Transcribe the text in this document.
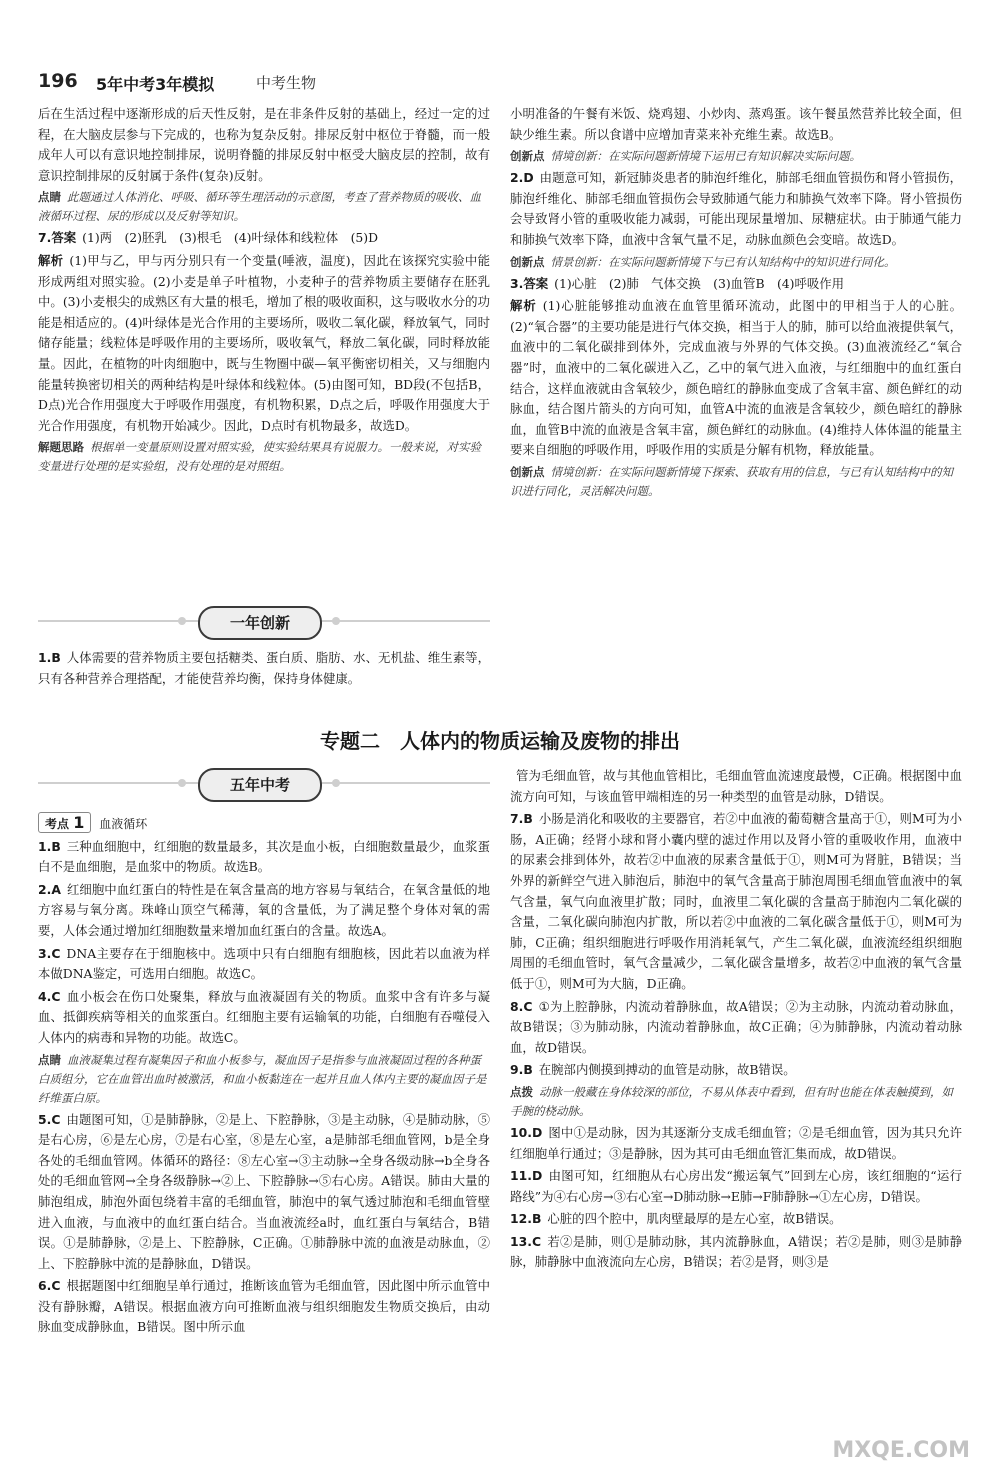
196 5年中考3年模拟	中考生物

后在生活过程中逐渐形成的后天性反射，是在非条件反射的基础上，经过一定的过程，在大脑皮层参与下完成的，也称为复杂反射。排尿反射中枢位于脊髓，而一般成年人可以有意识地控制排尿，说明脊髓的排尿反射中枢受大脑皮层的控制，故有意识控制排尿的反射属于条件(复杂)反射。

点睛 此题通过人体消化、呼吸、循环等生理活动的示意图，考查了营养物质的吸收、血液循环过程、尿的形成以及反射等知识。

7.答案 (1)两　(2)胚乳　(3)根毛　(4)叶绿体和线粒体　(5)D

解析 (1)甲与乙，甲与丙分别只有一个变量(唾液，温度)，因此在该探究实验中能形成两组对照实验。(2)小麦是单子叶植物，小麦种子的营养物质主要储存在胚乳中。(3)小麦根尖的成熟区有大量的根毛，增加了根的吸收面积，这与吸收水分的功能是相适应的。(4)叶绿体是光合作用的主要场所，吸收二氧化碳，释放氧气，同时储存能量；线粒体是呼吸作用的主要场所，吸收氧气，释放二氧化碳，同时释放能量。因此，在植物的叶肉细胞中，既与生物圈中碳—氧平衡密切相关，又与细胞内能量转换密切相关的两种结构是叶绿体和线粒体。(5)由图可知，BD段(不包括B，D点)光合作用强度大于呼吸作用强度，有机物积累，D点之后，呼吸作用强度大于光合作用强度，有机物开始减少。因此，D点时有机物最多，故选D。

解题思路 根据单一变量原则设置对照实验，使实验结果具有说服力。一般来说，对实验变量进行处理的是实验组，没有处理的是对照组。

一年创新

1.B 人体需要的营养物质主要包括糖类、蛋白质、脂肪、水、无机盐、维生素等，只有各种营养合理搭配，才能使营养均衡，保持身体健康。

小明准备的午餐有米饭、烧鸡翅、小炒肉、蒸鸡蛋。该午餐虽然营养比较全面，但缺少维生素。所以食谱中应增加青菜来补充维生素。故选B。

创新点 情境创新：在实际问题新情境下运用已有知识解决实际问题。

2.D 由题意可知，新冠肺炎患者的肺泡纤维化，肺部毛细血管损伤和肾小管损伤，肺泡纤维化、肺部毛细血管损伤会导致肺通气能力和肺换气效率下降。肾小管损伤会导致肾小管的重吸收能力减弱，可能出现尿量增加、尿糖症状。由于肺通气能力和肺换气效率下降，血液中含氧气量不足，动脉血颜色会变暗。故选D。

创新点 情景创新：在实际问题新情境下与已有认知结构中的知识进行同化。

3.答案 (1)心脏　(2)肺　气体交换　(3)血管B　(4)呼吸作用

解析 (1)心脏能够推动血液在血管里循环流动，此图中的甲相当于人的心脏。(2)“氧合器”的主要功能是进行气体交换，相当于人的肺，肺可以给血液提供氧气，血液中的二氧化碳排到体外，完成血液与外界的气体交换。(3)血液流经乙“氧合器”时，血液中的二氧化碳进入乙，乙中的氧气进入血液，与红细胞中的血红蛋白结合，这样血液就由含氧较少，颜色暗红的静脉血变成了含氧丰富、颜色鲜红的动脉血，结合图片箭头的方向可知，血管A中流的血液是含氧较少，颜色暗红的静脉血，血管B中流的血液是含氧丰富，颜色鲜红的动脉血。(4)维持人体体温的能量主要来自细胞的呼吸作用，呼吸作用的实质是分解有机物，释放能量。

创新点 情境创新：在实际问题新情境下探索、获取有用的信息，与已有认知结构中的知识进行同化，灵活解决问题。

专题二　人体内的物质运输及废物的排出
五年中考
考点 1 血液循环

1.B 三种血细胞中，红细胞的数量最多，其次是血小板，白细胞数量最少，血浆蛋白不是血细胞，是血浆中的物质。故选B。

2.A 红细胞中血红蛋白的特性是在氧含量高的地方容易与氧结合，在氧含量低的地方容易与氧分离。珠峰山顶空气稀薄，氧的含量低，为了满足整个身体对氧的需要，人体会通过增加红细胞数量来增加血红蛋白的含量。故选A。

3.C DNA主要存在于细胞核中。选项中只有白细胞有细胞核，因此若以血液为样本做DNA鉴定，可选用白细胞。故选C。

4.C 血小板会在伤口处聚集，释放与血液凝固有关的物质。血浆中含有许多与凝血、抵御疾病等相关的血浆蛋白。红细胞主要有运输氧的功能，白细胞有吞噬侵入人体内的病毒和异物的功能。故选C。

点睛 血液凝集过程有凝集因子和血小板参与，凝血因子是指参与血液凝固过程的各种蛋白质组分，它在血管出血时被激活，和血小板黏连在一起并且血人体内主要的凝血因子是纤维蛋白原。

5.C 由题图可知，①是肺静脉，②是上、下腔静脉，③是主动脉，④是肺动脉，⑤是右心房，⑥是左心房，⑦是右心室，⑧是左心室，a是肺部毛细血管网，b是全身各处的毛细血管网。体循环的路径：⑧左心室→③主动脉→全身各级动脉→b全身各处的毛细血管网→全身各级静脉→②上、下腔静脉→⑤右心房。A错误。肺由大量的肺泡组成，肺泡外面包绕着丰富的毛细血管，肺泡中的氧气透过肺泡和毛细血管壁进入血液，与血液中的血红蛋白结合。当血液流经a时，血红蛋白与氧结合，B错误。①是肺静脉，②是上、下腔静脉，C正确。①肺静脉中流的血液是动脉血，②上、下腔静脉中流的是静脉血，D错误。

6.C 根据题图中红细胞呈单行通过，推断该血管为毛细血管，因此图中所示血管中没有静脉瓣，A错误。根据血液方向可推断血液与组织细胞发生物质交换后，由动脉血变成静脉血，B错误。图中所示血

管为毛细血管，故与其他血管相比，毛细血管血流速度最慢，C正确。根据图中血流方向可知，与该血管甲端相连的另一种类型的血管是动脉，D错误。

7.B 小肠是消化和吸收的主要器官，若②中血液的葡萄糖含量高于①，则M可为小肠，A正确；经肾小球和肾小囊内壁的滤过作用以及肾小管的重吸收作用，血液中的尿素会排到体外，故若②中血液的尿素含量低于①，则M可为肾脏，B错误；当外界的新鲜空气进入肺泡后，肺泡中的氧气含量高于肺泡周围毛细血管血液中的氧气含量，氧气向血液里扩散；同时，血液里二氧化碳的含量高于肺泡内二氧化碳的含量，二氧化碳向肺泡内扩散，所以若②中血液的二氧化碳含量低于①，则M可为肺，C正确；组织细胞进行呼吸作用消耗氧气，产生二氧化碳，血液流经组织细胞周围的毛细血管时，氧气含量减少，二氧化碳含量增多，故若②中血液的氧气含量低于①，则M可为大脑，D正确。

8.C ①为上腔静脉，内流动着静脉血，故A错误；②为主动脉，内流动着动脉血，故B错误；③为肺动脉，内流动着静脉血，故C正确；④为肺静脉，内流动着动脉血，故D错误。

9.B 在腕部内侧摸到搏动的血管是动脉，故B错误。

点拨 动脉一般藏在身体较深的部位，不易从体表中看到，但有时也能在体表触摸到，如手腕的桡动脉。

10.D 图中①是动脉，因为其逐渐分支成毛细血管；②是毛细血管，因为其只允许红细胞单行通过；③是静脉，因为其可由毛细血管汇集而成，故D错误。

11.D 由图可知，红细胞从右心房出发“搬运氧气”回到左心房，该红细胞的“运行路线”为④右心房→③右心室→D肺动脉→E肺→F肺静脉→①左心房，D错误。

12.B 心脏的四个腔中，肌肉壁最厚的是左心室，故B错误。

13.C 若②是肺，则①是肺动脉，其内流静脉血，A错误；若②是肺，则③是肺静脉，肺静脉中血液流向左心房，B错误；若②是肾，则③是

MXQE.COM
